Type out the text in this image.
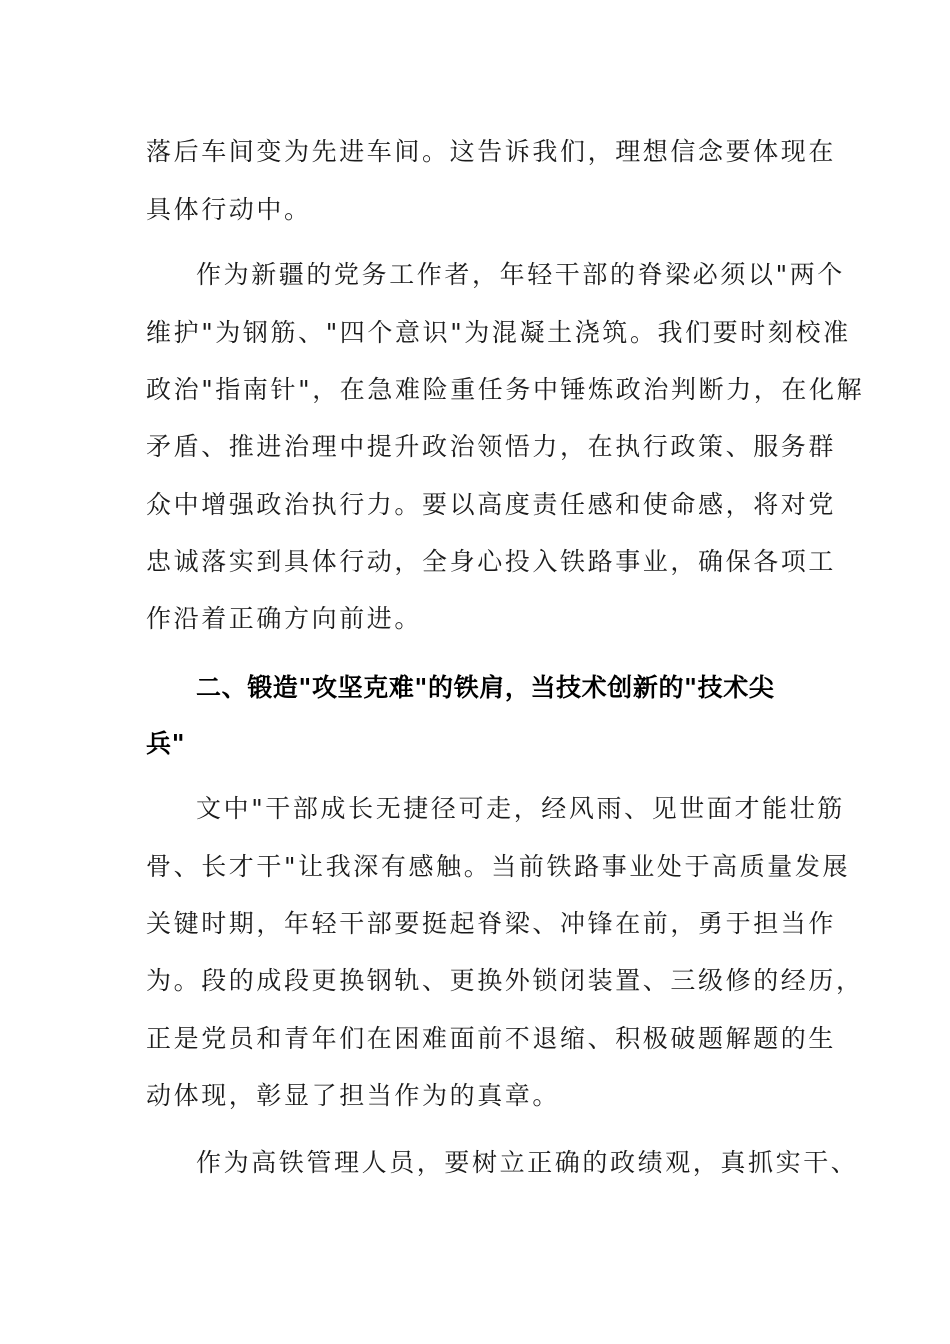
落后车间变为先进车间。这告诉我们，理想信念要体现在
具体行动中。
作为新疆的党务工作者，年轻干部的脊梁必须以"两个
维护"为钢筋、"四个意识"为混凝土浇筑。我们要时刻校准
政治"指南针"，在急难险重任务中锤炼政治判断力，在化解
矛盾、推进治理中提升政治领悟力，在执行政策、服务群
众中增强政治执行力。要以高度责任感和使命感，将对党
忠诚落实到具体行动，全身心投入铁路事业，确保各项工
作沿着正确方向前进。
二、锻造"攻坚克难"的铁肩，当技术创新的"技术尖
兵"
文中"干部成长无捷径可走，经风雨、见世面才能壮筋
骨、长才干"让我深有感触。当前铁路事业处于高质量发展
关键时期，年轻干部要挺起脊梁、冲锋在前，勇于担当作
为。段的成段更换钢轨、更换外锁闭装置、三级修的经历，
正是党员和青年们在困难面前不退缩、积极破题解题的生
动体现，彰显了担当作为的真章。
作为高铁管理人员，要树立正确的政绩观，真抓实干、
